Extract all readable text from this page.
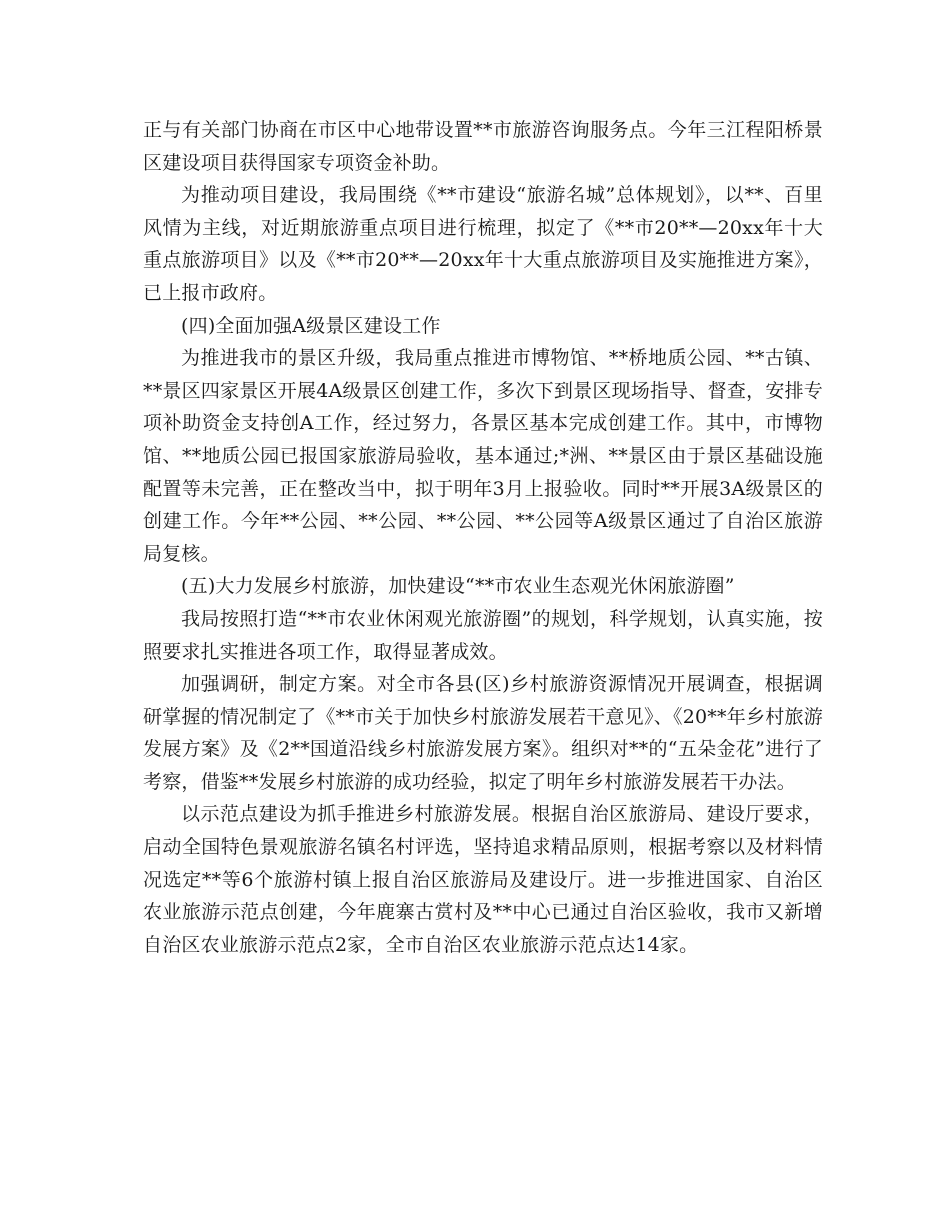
正与有关部门协商在市区中心地带设置**市旅游咨询服务点。今年三江程阳桥景区建设项目获得国家专项资金补助。

为推动项目建设，我局围绕《**市建设“旅游名城”总体规划》，以**、百里风情为主线，对近期旅游重点项目进行梳理，拟定了《**市20**—20xx年十大重点旅游项目》以及《**市20**—20xx年十大重点旅游项目及实施推进方案》，已上报市政府。

(四)全面加强A级景区建设工作

为推进我市的景区升级，我局重点推进市博物馆、**桥地质公园、**古镇、**景区四家景区开展4A级景区创建工作，多次下到景区现场指导、督查，安排专项补助资金支持创A工作，经过努力，各景区基本完成创建工作。其中，市博物馆、**地质公园已报国家旅游局验收，基本通过;*洲、**景区由于景区基础设施配置等未完善，正在整改当中，拟于明年3月上报验收。同时**开展3A级景区的创建工作。今年**公园、**公园、**公园、**公园等A级景区通过了自治区旅游局复核。

(五)大力发展乡村旅游，加快建设“**市农业生态观光休闲旅游圈”

我局按照打造“**市农业休闲观光旅游圈”的规划，科学规划，认真实施，按照要求扎实推进各项工作，取得显著成效。

加强调研，制定方案。对全市各县(区)乡村旅游资源情况开展调查，根据调研掌握的情况制定了《**市关于加快乡村旅游发展若干意见》、《20**年乡村旅游发展方案》及《2**国道沿线乡村旅游发展方案》。组织对**的“五朵金花”进行了考察，借鉴**发展乡村旅游的成功经验，拟定了明年乡村旅游发展若干办法。

以示范点建设为抓手推进乡村旅游发展。根据自治区旅游局、建设厅要求，启动全国特色景观旅游名镇名村评选，坚持追求精品原则，根据考察以及材料情况选定**等6个旅游村镇上报自治区旅游局及建设厅。进一步推进国家、自治区农业旅游示范点创建，今年鹿寨古赏村及**中心已通过自治区验收，我市又新增自治区农业旅游示范点2家，全市自治区农业旅游示范点达14家。
